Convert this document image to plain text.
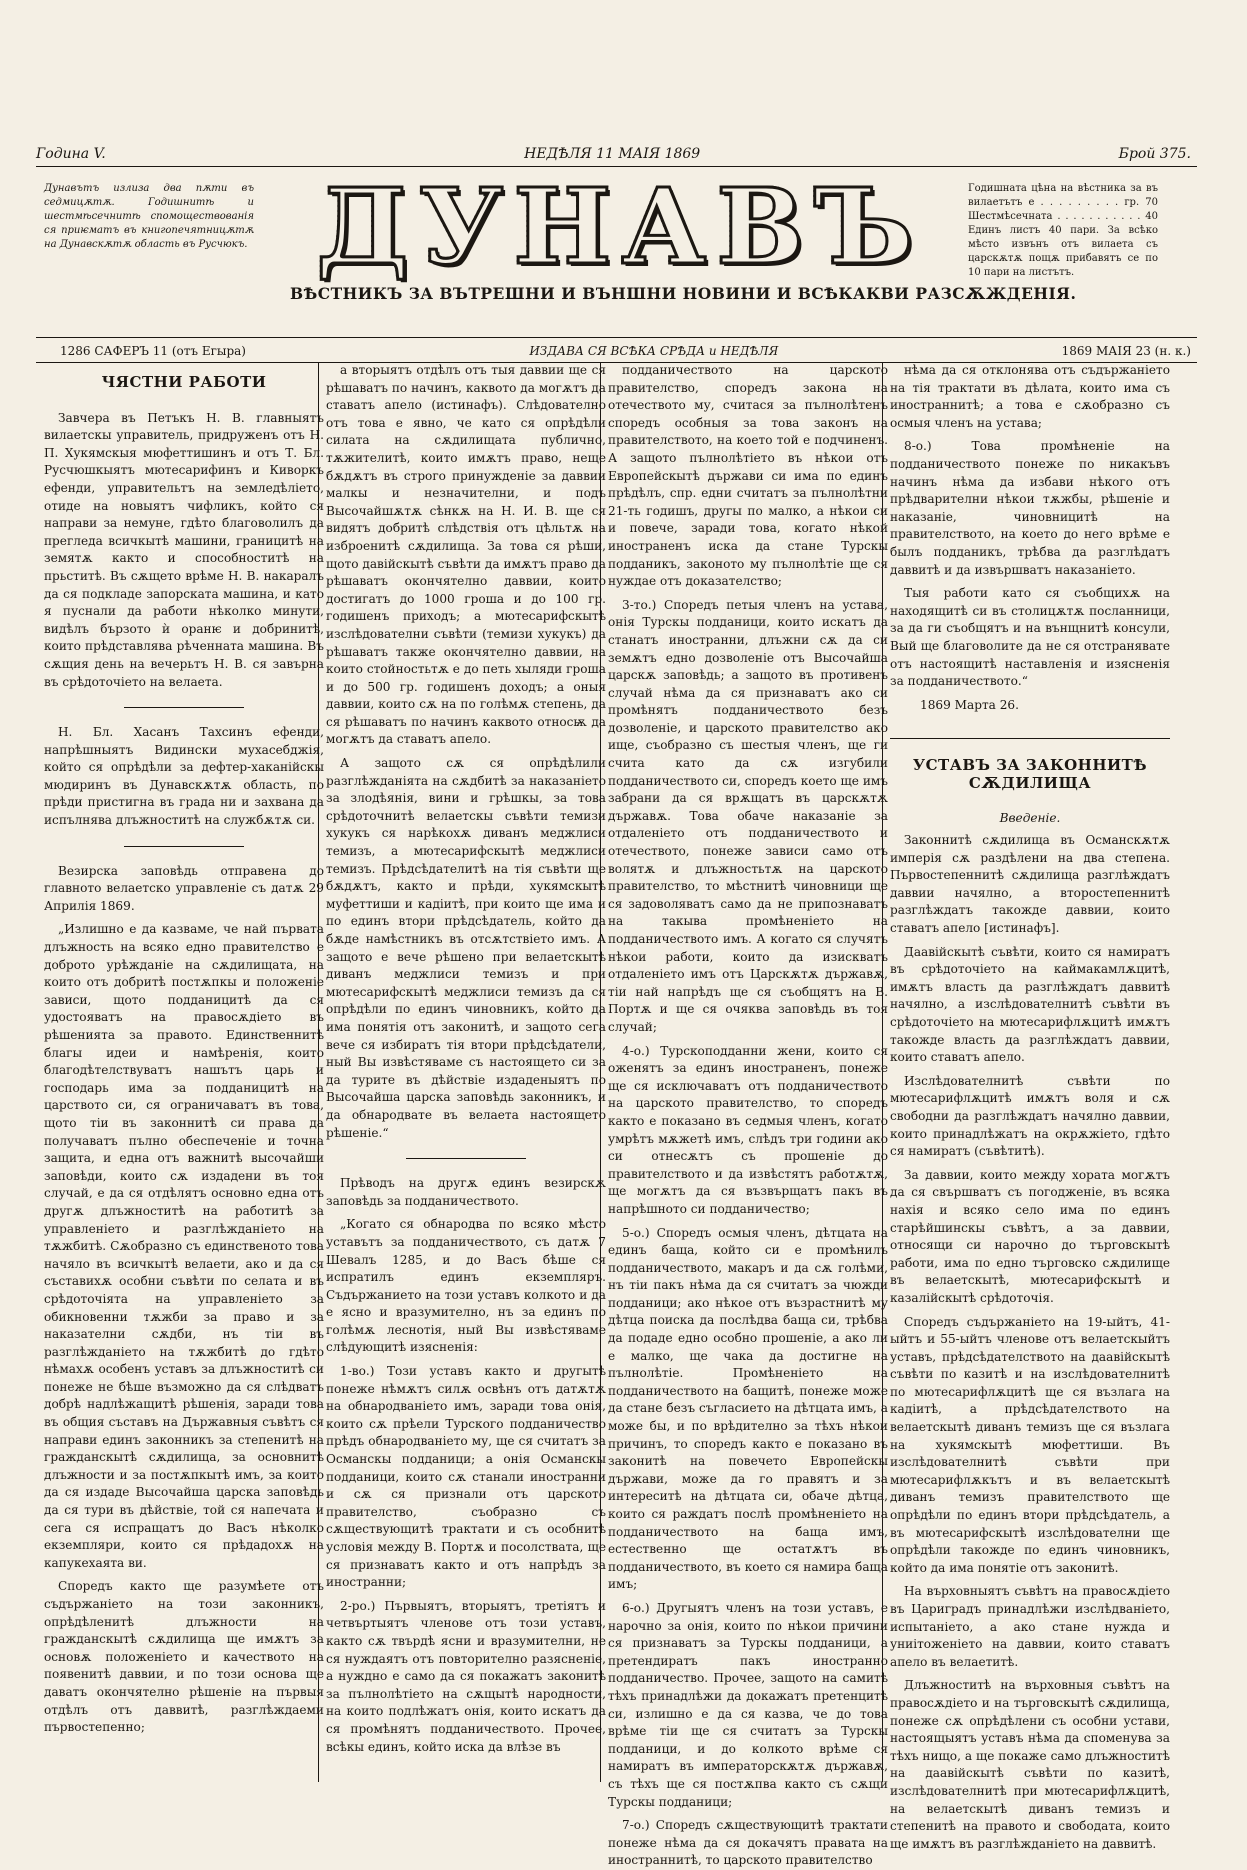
Година V.	НЕДѢЛЯ 11 МАІЯ 1869	Брой 375.
Дунавътъ излиза два пѫти въ седмицѫтѫ. Годишнитѣ и шестмѣсечнитѣ спомоществованія ся приѥматъ въ книгопечятницѫтѫ на Дунавскѫтѫ область въ Русчюкъ. ДУНАВЪ
ВѢСТНИКЪ ЗА ВЪТРЕШНИ И ВЪНШНИ НОВИНИ И ВСѢКАКВИ РАЗСѪЖДЕНІЯ.
Годишната цѣна на вѣстника за въ вилаетътъ е . . . . . . . . . гр. 70 Шестмѣсечната . . . . . . . . . . . 40 Единъ листъ 40 пари. За всѣко мѣсто извънъ отъ вилаета съ царскѫтѫ пощѫ прибавятъ се по 10 пари на листътъ.
1286 САФЕРЪ 11 (отъ Егыра)	ИЗДАВА СЯ ВСѢКА СРѢДА и НЕДѢЛЯ	1869 МАІЯ 23 (н. к.)

ЧЯСТНИ РАБОТИ

Завчера въ Петъкъ Н. В. главныятъ вилаетскы управитель, придруженъ отъ Н. П. Хукямскыя мюфеттишинъ и отъ Т. Бл. Русчюшкыятъ мютесарифинъ и Киворкъ ефенди, управительтъ на земледѣліето, отиде на новыятъ чифликъ, който ся направи за немуне, гдѣто благоволилъ да прегледа всичкытѣ машини, границитѣ на земятѫ както и способноститѣ на прьститѣ. Въ сѫщето врѣме Н. В. накаралъ да ся подкладе запорската машина, и като я пуснали да работи нѣколко минути, видѣлъ бързото ѝ оранѥ и добринитѣ, които прѣдставлява рѣченната машина. Въ сѫщия день на вечерьтъ Н. В. ся завърна въ срѣдоточіето на велаета.

Н. Бл. Хасанъ Тахсинъ ефенди, напрѣшныятъ Видински мухасебджія, който ся опрѣдѣли за дефтер-хаканійскы мюдиринъ въ Дунавскѫтѫ область, по прѣди пристигна въ града ни и захвана да испълнява длъжноститѣ на службѫтѫ си.

Везирска заповѣдь отправена до главното велаетско управленіе съ датѫ 29 Априлія 1869.

„Излишно е да казваме, че най първата длъжность на всяко едно правителство е доброто урѣжданіе на сѫдилищата, на които отъ добритѣ постѫпкы и положеніе зависи, щото подданицитѣ да ся удостояватъ на правосѫдіето въ рѣшенията за правото. Единственнитѣ благы идеи и намѣренія, които благодѣтелствуватъ нашътъ царь и господарь има за подданицитѣ на царството си, ся ограничаватъ въ това, щото тіи въ законнитѣ си права да получаватъ пълно обеспеченіе и точна защита, и една отъ важнитѣ высочайши заповѣди, които сѫ издадени въ тоя случай, е да ся отдѣлятъ основно една отъ другѫ длъжноститѣ на работитѣ за управленіето и разглѣжданіето на тѫжбитѣ. Сѫобразно съ единственото това начяло въ всичкытѣ велаети, ако и да ся съставихѫ особни съвѣти по селата и въ срѣдоточіята на управленіето за обикновенни тѫжби за право и за наказателни сѫдби, нъ тіи въ разглѣжданіето на тѫжбитѣ до гдѣто нѣмахѫ особенъ уставъ за длъжноститѣ си понеже не бѣше възможно да ся слѣдватъ добрѣ надлѣжащитѣ рѣшенія, заради това въ общия съставъ на Държавныя съвѣтъ ся направи единъ законникъ за степенитѣ на гражданскытѣ сѫдилища, за основнитѣ длъжности и за постѫпкытѣ имъ, за които да ся издаде Высочайша царска заповѣдь да ся тури въ дѣйствіе, той ся напечата и сега ся испращатъ до Васъ нѣколко екземпляри, които ся прѣдадохѫ на капукехаята ви.

Споредъ както ще разумѣете отъ съдържаніето на този законникъ, опрѣдѣленитѣ длъжности на гражданскытѣ сѫдилища ще имѫтъ за основѫ положеніето и качеството на появенитѣ даввии, и по този основа ще даватъ окончятелно рѣшеніе на първыя отдѣлъ отъ даввитѣ, разглѣждаеми първостепенно;

а вторыятъ отдѣлъ отъ тыя даввии ще ся рѣшаватъ по начинъ, каквото да могѫтъ да ставатъ апело (истинафъ). Слѣдователно отъ това е явно, че като ся опрѣдѣли силата на сѫдилищата публично, тѫжителитѣ, които имѫтъ право, неще бѫдѫтъ въ строго принужденіе за даввии малкы и незначителни, и подъ Высочайшѫтѫ сѣнкѫ на Н. И. В. ще ся видятъ добритѣ слѣдствія отъ цѣльтѫ на изброенитѣ сѫдилища. За това ся рѣши, щото давійскытѣ съвѣти да имѫтъ право да рѣшаватъ окончятелно даввии, които достигатъ до 1000 гроша и до 100 гр. годишенъ приходъ; а мютесарифскытѣ изслѣдователни съвѣти (темизи хукукъ) да рѣшаватъ также окончятелно даввии, на които стойностьтѫ е до петь хыляди гроша и до 500 гр. годишенъ доходъ; а оныя даввии, които сѫ на по голѣмѫ степень, да ся рѣшаватъ по начинъ каквото относѭ да могѫтъ да ставатъ апело.

А защото сѫ ся опрѣдѣлили разглѣжданіята на сѫдбитѣ за наказаніето за злодѣянія, вини и грѣшкы, за това срѣдоточнитѣ велаетскы съвѣти темизи хукукъ ся нарѣкохѫ диванъ меджлиси темизъ, а мютесарифскытѣ меджлиси темизъ. Прѣдсѣдателитѣ на тія съвѣти ще бѫдѫтъ, както и прѣди, хукямскытѣ муфеттиши и кадіитѣ, при които ще има и по единъ втори прѣдсѣдатель, който да бѫде намѣстникъ въ отсѫтствіето имъ. А защото е вече рѣшено при велаетскытѣ диванъ меджлиси темизъ и при мютесарифскытѣ меджлиси темизъ да ся опрѣдѣли по единъ чиновникъ, който да има понятія отъ законитѣ, и защото сега вече ся избиратъ тія втори прѣдсѣдатели, ный Вы извѣстяваме съ настоящето си за да турите въ дѣйствіе издаденыятъ по Высочайша царска заповѣдь законникъ, и да обнародвате въ велаета настоящето рѣшеніе.“

Прѣводъ на другѫ единъ везирскѫ заповѣдь за подданичеството.

„Когато ся обнародва по всяко мѣсто уставътъ за подданичеството, съ датѫ 7 Шевалъ 1285, и до Васъ бѣше ся испратилъ единъ екземпляръ. Съдържанието на този уставъ колкото и да е ясно и вразумително, нъ за единъ по голѣмѫ леснотія, ный Вы извѣстяваме слѣдующитѣ изясненія:

1-во.) Този уставъ както и другытѣ понеже нѣмѫтъ силѫ освѣнъ отъ датѫтѫ на обнародваніето имъ, заради това онія, които сѫ прѣели Турского подданичество прѣдъ обнародваніето му, ще ся считатъ за Османскы подданици; а онія Османскы подданици, които сѫ станали иностранни и сѫ ся признали отъ царското правителство, съобразно съ сѫществующитѣ трактати и съ особнитѣ условія между В. Портѫ и посолствата, ще ся признаватъ както и отъ напрѣдъ за иностранни;

2-ро.) Първыятъ, вторыятъ, третіятъ и четвъртыятъ членове отъ този уставъ, както сѫ твърдѣ ясни и вразумителни, не ся нуждаятъ отъ повторително разясненіе, а нуждно е само да ся покажатъ законитѣ за пълнолѣтіето на сѫщытѣ народности, на които подлѣжатъ онія, които искатъ да ся промѣнятъ подданичеството. Прочее, всѣкы единъ, който иска да влѣзе въ

подданичеството на царското правителство, споредъ закона на отечеството му, считася за пълнолѣтенъ споредъ особныя за това законъ на правителството, на което той е подчиненъ. А защото пълнолѣтіето въ нѣкои отъ Европейскытѣ държави си има по единъ прѣдѣлъ, спр. едни считатъ за пълнолѣтни 21-ть годишъ, другы по малко, а нѣкои си и повече, заради това, когато нѣкой иностраненъ иска да стане Турскы подданикъ, законото му пълнолѣтіе ще ся нуждае отъ доказателство;

3-то.) Споредъ петыя членъ на устава, онія Турскы подданици, които искатъ да станатъ иностранни, длъжни сѫ да си земѫтъ едно дозволеніе отъ Высочайша царскѫ заповѣдь; а защото въ противенъ случай нѣма да ся признаватъ ако си промѣнятъ подданичеството безъ дозволеніе, и царското правителство ако ище, съобразно съ шестыя членъ, ще ги счита като да сѫ изгубили подданичеството си, споредъ което ще имъ забрани да ся врѫщатъ въ царскѫтѫ държавѫ. Това обаче наказаніе за отдаленіето отъ подданичеството и отечеството, понеже зависи само отъ волятѫ и длъжностьтѫ на царското правителство, то мѣстнитѣ чиновници ще ся задоволяватъ само да не припознаватъ на такыва промѣненіето на подданичеството имъ. А когато ся случятъ нѣкои работи, които да изискватъ отдаленіето имъ отъ Царскѫтѫ държавѫ, тіи най напрѣдъ ще ся съобщятъ на В. Портѫ и ще ся очяква заповѣдь въ тоя случай;

4-о.) Турскоподданни жени, които ся оженятъ за единъ иностраненъ, понеже ще ся исключаватъ отъ подданичеството на царското правителство, то споредъ както е показано въ седмыя членъ, когато умрѣтъ мѫжетѣ имъ, слѣдъ три години ако си отнесѫтъ съ прошеніе до правителството и да извѣстятъ работѫтѫ, ще могѫтъ да ся възвърщатъ пакъ въ напрѣшното си подданичество;

5-о.) Споредъ осмыя членъ, дѣтцата на единъ баща, който си е промѣнилъ подданичеството, макаръ и да сѫ голѣми, нъ тіи пакъ нѣма да ся считатъ за чюжди подданици; ако нѣкое отъ възрастнитѣ му дѣтца поиска да послѣдва баща си, трѣбва да подаде едно особно прошеніе, а ако ли е малко, ще чака да достигне на пълнолѣтіе. Промѣненіето на подданичеството на бащитѣ, понеже може да стане безъ съгласието на дѣтцата имъ, а може бы, и по врѣдително за тѣхъ нѣкои причинъ, то споредъ както е показано въ законитѣ на повечето Европейскы държави, може да го правятъ и за интереситѣ на дѣтцата си, обаче дѣтца, които ся раждатъ послѣ промѣненіето на подданичеството на баща имъ, естественно ще остатѫтъ въ подданичеството, въ което ся намира баща имъ;

6-о.) Другыятъ членъ на този уставъ, е нарочно за онія, които по нѣкои причини ся признаватъ за Турскы подданици, а претендиратъ пакъ иностранно подданичество. Прочее, защото на самитѣ тѣхъ принадлѣжи да докажатъ претенцитѣ си, излишно е да ся казва, че до това врѣме тіи ще ся считатъ за Турскы подданици, и до колкото врѣме ся намиратъ въ императорскѫтѫ държавѫ, съ тѣхъ ще ся постѫпва както съ сѫщи Турскы подданици;

7-о.) Споредъ сѫществующитѣ трактати понеже нѣма да ся докачятъ правата на иностраннитѣ, то царското правителство

нѣма да ся отклонява отъ съдържаніето на тія трактати въ дѣлата, които има съ иностраннитѣ; а това е сѫобразно съ осмыя членъ на устава;

8-о.) Това промѣненіе на подданичеството понеже по никакъвъ начинъ нѣма да избави нѣкого отъ прѣдварителни нѣкои тѫжбы, рѣшеніе и наказаніе, чиновницитѣ на правителството, на което до него врѣме е былъ подданикъ, трѣбва да разглѣдатъ даввитѣ и да извършватъ наказаніето.

Тыя работи като ся съобщихѫ на находящитѣ си въ столицѫтѫ посланници, за да ги съобщятъ и на вънщнитѣ консули, Вый ще благоволите да не ся отстранявате отъ настоящитѣ наставленія и изясненія за подданичеството.“

1869 Марта 26.

УСТАВЪ ЗА ЗАКОННИТѢ СѪДИЛИЩА

Введеніе.

Законнитѣ сѫдилища въ Османскѫтѫ имперія сѫ раздѣлени на два степена. Първостепеннитѣ сѫдилища разглѣждатъ даввии начялно, а второстепеннитѣ разглѣждатъ такожде даввии, които ставатъ апело [истинафъ].

Даавійскытѣ съвѣти, които ся намиратъ въ срѣдоточіето на каймакамлѫцитѣ, имѫтъ власть да разглѣждатъ даввитѣ начялно, а изслѣдователнитѣ съвѣти въ срѣдоточіето на мютесарифлѫцитѣ имѫтъ такожде власть да разглѣждатъ даввии, които ставатъ апело.

Изслѣдователнитѣ съвѣти по мютесарифлѫцитѣ имѫтъ воля и сѫ свободни да разглѣждатъ начялно даввии, които принадлѣжатъ на окрѫжіето, гдѣто ся намиратъ (съвѣтитѣ).

За даввии, които между хората могѫтъ да ся свършватъ съ погодженіе, въ всяка нахія и всяко село има по единъ старѣйшинскы съвѣтъ, а за даввии, относящи си нарочно до търговскытѣ работи, има по едно търговско сѫдилище въ велаетскытѣ, мютесарифскытѣ и казалійскытѣ срѣдоточія.

Споредъ съдържаніето на 19-ыйтъ, 41-ыйтъ и 55-ыйтъ членове отъ велаетскыйтъ уставъ, прѣдсѣдателството на даавійскытѣ съвѣти по казитѣ и на изслѣдователнитѣ по мютесарифлѫцитѣ ще ся възлага на кадіитѣ, а прѣдсѣдателството на велаетскытѣ диванъ темизъ ще ся възлага на хукямскытѣ мюфеттиши. Въ изслѣдователнитѣ съвѣти при мютесарифлѫкътъ и въ велаетскытѣ диванъ темизъ правителството ще опрѣдѣли по единъ втори прѣдсѣдатель, а въ мютесарифскытѣ изслѣдователни ще опрѣдѣли такожде по единъ чиновникъ, който да има понятіе отъ законитѣ.

На върховныятъ съвѣтъ на правосѫдіето въ Цариградъ принадлѣжи изслѣдваніето, испытаніето, а ако стане нужда и униітоженіето на даввии, които ставатъ апело въ велаетитѣ.

Длъжноститѣ на върховныя съвѣтъ на правосѫдіето и на търговскытѣ сѫдилища, понеже сѫ опрѣдѣлени съ особни устави, настоящыятъ уставъ нѣма да споменува за тѣхъ нищо, а ще покаже само длъжноститѣ на даавійскытѣ съвѣти по казитѣ, изслѣдователнитѣ при мютесарифлѫцитѣ, на велаетскытѣ диванъ темизъ и степенитѣ на правото и свободата, които ще имѫтъ въ разглѣжданіето на даввитѣ.
